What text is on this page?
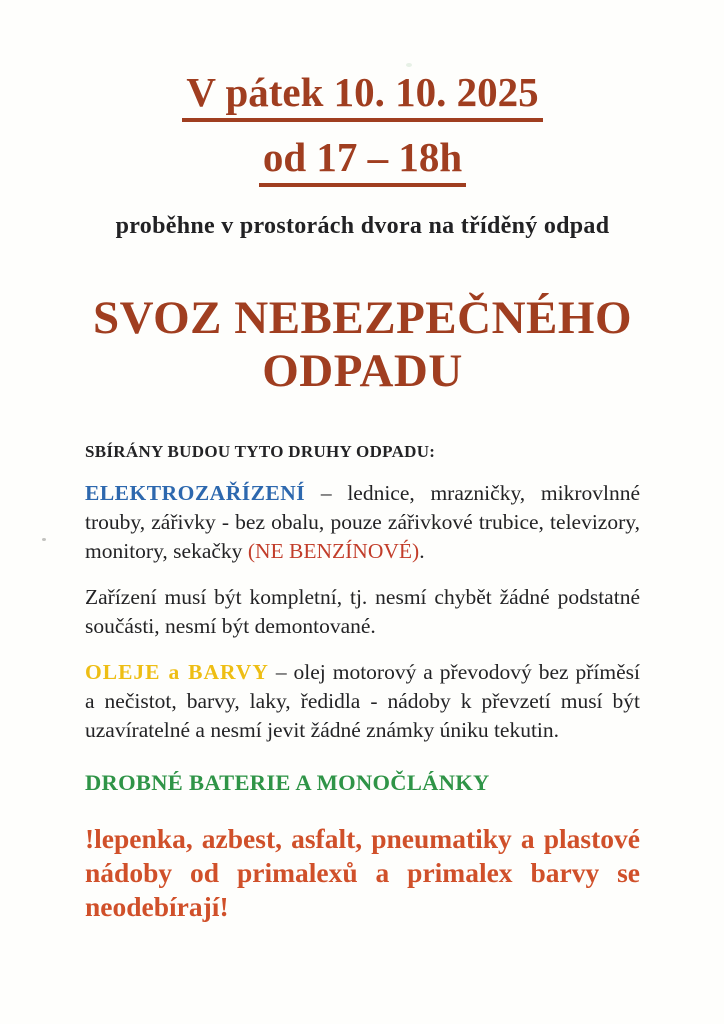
V pátek 10. 10. 2025
od 17 – 18h
proběhne v prostorách dvora na tříděný odpad
SVOZ NEBEZPEČNÉHO
ODPADU
SBÍRÁNY BUDOU TYTO DRUHY ODPADU:

ELEKTROZAŘÍZENÍ – lednice, mrazničky, mikrovlnné trouby, zářivky - bez obalu, pouze zářivkové trubice, televizory, monitory, sekačky (NE BENZÍNOVÉ).

Zařízení musí být kompletní, tj. nesmí chybět žádné podstatné součásti, nesmí být demontované.

OLEJE a BARVY – olej motorový a převodový bez příměsí a nečistot, barvy, laky, ředidla - nádoby k převzetí musí být uzavíratelné a nesmí jevit žádné známky úniku tekutin.

DROBNÉ BATERIE A MONOČLÁNKY

!lepenka, azbest, asfalt, pneumatiky a plastové nádoby od primalexů a primalex barvy se neodebírají!
